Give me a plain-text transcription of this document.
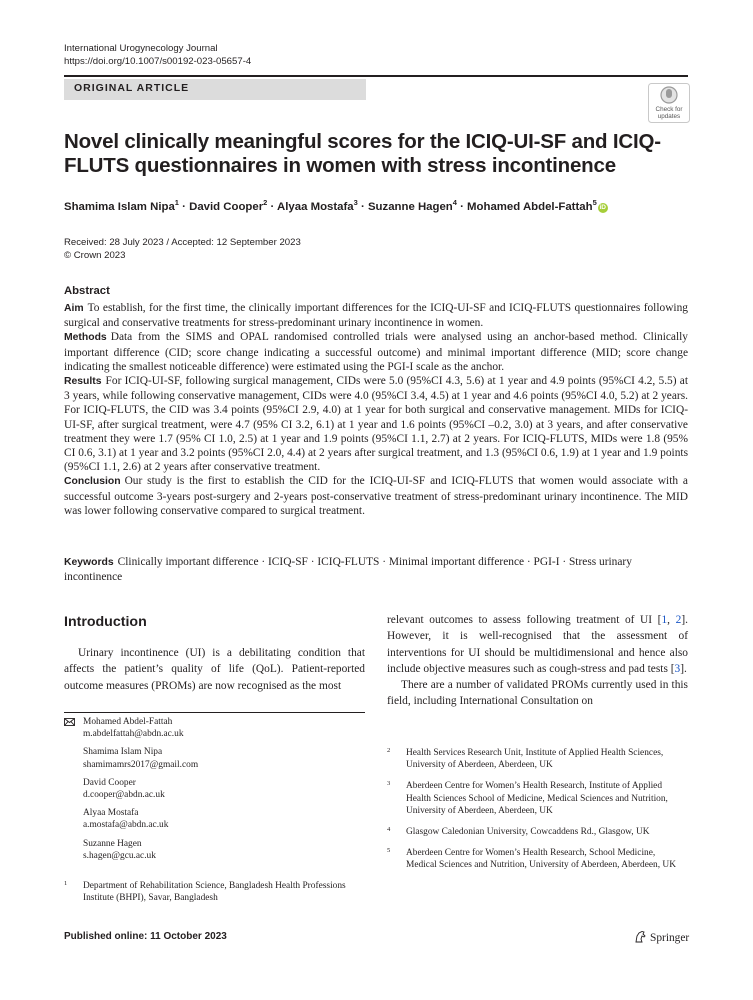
International Urogynecology Journal
https://doi.org/10.1007/s00192-023-05657-4
ORIGINAL ARTICLE
Check for
updates
Novel clinically meaningful scores for the ICIQ-UI-SF and ICIQ-FLUTS questionnaires in women with stress incontinence
Shamima Islam Nipa$^1$ · David Cooper$^2$ · Alyaa Mostafa$^3$ · Suzanne Hagen$^4$ · Mohamed Abdel-Fattah$^5$iD
Received: 28 July 2023 / Accepted: 12 September 2023
© Crown 2023
Abstract

Aim To establish, for the first time, the clinically important differences for the ICIQ-UI-SF and ICIQ-FLUTS questionnaires following surgical and conservative treatments for stress-predominant urinary incontinence in women.

Methods Data from the SIMS and OPAL randomised controlled trials were analysed using an anchor-based method. Clinically important difference (CID; score change indicating a successful outcome) and minimal important difference (MID; score change indicating the smallest noticeable difference) were estimated using the PGI-I scale as the anchor.

Results For ICIQ-UI-SF, following surgical management, CIDs were 5.0 (95%CI 4.3, 5.6) at 1 year and 4.9 points (95%CI 4.2, 5.5) at 3 years, while following conservative management, CIDs were 4.0 (95%CI 3.4, 4.5) at 1 year and 4.6 points (95%CI 4.0, 5.2) at 2 years. For ICIQ-FLUTS, the CID was 3.4 points (95%CI 2.9, 4.0) at 1 year for both surgical and conservative management. MIDs for ICIQ-UI-SF, after surgical treatment, were 4.7 (95% CI 3.2, 6.1) at 1 year and 1.6 points (95%CI –0.2, 3.0) at 3 years, and after conservative treatment they were 1.7 (95% CI 1.0, 2.5) at 1 year and 1.9 points (95%CI 1.1, 2.7) at 2 years. For ICIQ-FLUTS, MIDs were 1.8 (95% CI 0.6, 3.1) at 1 year and 3.2 points (95%CI 2.0, 4.4) at 2 years after surgical treatment, and 1.3 (95%CI 0.6, 1.9) at 1 year and 1.9 points (95%CI 1.1, 2.6) at 2 years after conservative treatment.

Conclusion Our study is the first to establish the CID for the ICIQ-UI-SF and ICIQ-FLUTS that women would associate with a successful outcome 3-years post-surgery and 2-years post-conservative treatment of stress-predominant urinary incontinence. The MID was lower following conservative compared to surgical treatment.

Keywords Clinically important difference · ICIQ-SF · ICIQ-FLUTS · Minimal important difference · PGI-I · Stress urinary incontinence
Introduction

Urinary incontinence (UI) is a debilitating condition that affects the patient’s quality of life (QoL). Patient-reported outcome measures (PROMs) are now recognised as the most

relevant outcomes to assess following treatment of UI [1, 2]. However, it is well-recognised that the assessment of interventions for UI should be multidimensional and hence also include objective measures such as cough-stress and pad tests [3].

There are a number of validated PROMs currently used in this field, including International Consultation on

Mohamed Abdel-Fattah
m.abdelfattah@abdn.ac.uk
Shamima Islam Nipa
shamimamrs2017@gmail.com
David Cooper
d.cooper@abdn.ac.uk
Alyaa Mostafa
a.mostafa@abdn.ac.uk
Suzanne Hagen
s.hagen@gcu.ac.uk
1 Department of Rehabilitation Science, Bangladesh Health Professions Institute (BHPI), Savar, Bangladesh
2 Health Services Research Unit, Institute of Applied Health Sciences, University of Aberdeen, Aberdeen, UK
3 Aberdeen Centre for Women’s Health Research, Institute of Applied Health Sciences School of Medicine, Medical Sciences and Nutrition, University of Aberdeen, Aberdeen, UK
4 Glasgow Caledonian University, Cowcaddens Rd., Glasgow, UK
5 Aberdeen Centre for Women’s Health Research, School Medicine, Medical Sciences and Nutrition, University of Aberdeen, Aberdeen, UK
Published online: 11 October 2023	Springer
